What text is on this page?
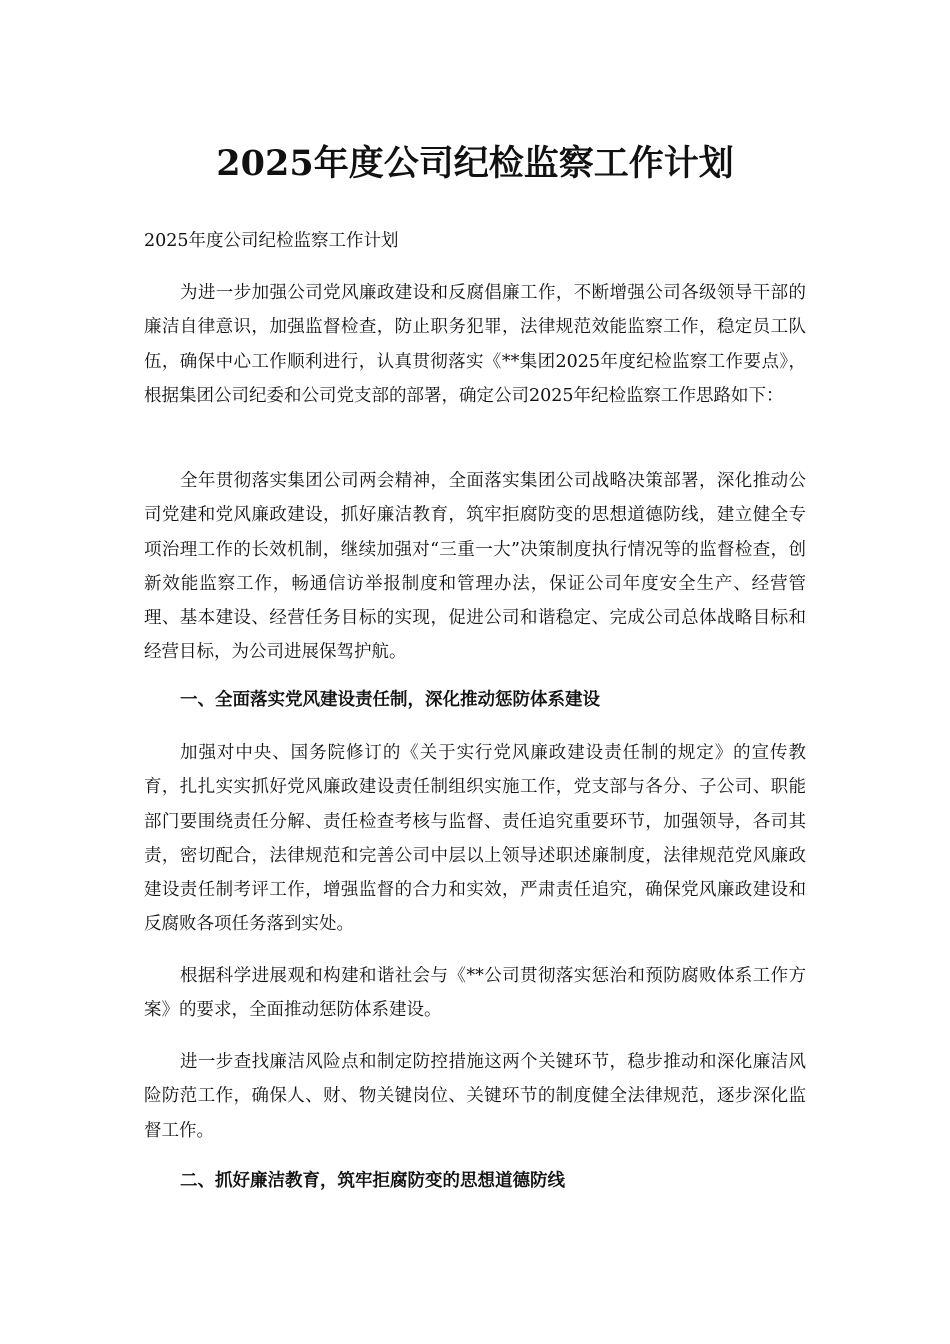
2025年度公司纪检监察工作计划

2025年度公司纪检监察工作计划

为进一步加强公司党风廉政建设和反腐倡廉工作，不断增强公司各级领导干部的廉洁自律意识，加强监督检查，防止职务犯罪，法律规范效能监察工作，稳定员工队伍，确保中心工作顺利进行，认真贯彻落实《**集团2025年度纪检监察工作要点》，根据集团公司纪委和公司党支部的部署，确定公司2025年纪检监察工作思路如下：

全年贯彻落实集团公司两会精神，全面落实集团公司战略决策部署，深化推动公司党建和党风廉政建设，抓好廉洁教育，筑牢拒腐防变的思想道德防线，建立健全专项治理工作的长效机制，继续加强对“三重一大”决策制度执行情况等的监督检查，创新效能监察工作，畅通信访举报制度和管理办法，保证公司年度安全生产、经营管理、基本建设、经营任务目标的实现，促进公司和谐稳定、完成公司总体战略目标和经营目标，为公司进展保驾护航。

一、全面落实党风建设责任制，深化推动惩防体系建设

加强对中央、国务院修订的《关于实行党风廉政建设责任制的规定》的宣传教育，扎扎实实抓好党风廉政建设责任制组织实施工作，党支部与各分、子公司、职能部门要围绕责任分解、责任检查考核与监督、责任追究重要环节，加强领导，各司其责，密切配合，法律规范和完善公司中层以上领导述职述廉制度，法律规范党风廉政建设责任制考评工作，增强监督的合力和实效，严肃责任追究，确保党风廉政建设和反腐败各项任务落到实处。

根据科学进展观和构建和谐社会与《**公司贯彻落实惩治和预防腐败体系工作方案》的要求，全面推动惩防体系建设。

进一步查找廉洁风险点和制定防控措施这两个关键环节，稳步推动和深化廉洁风险防范工作，确保人、财、物关键岗位、关键环节的制度健全法律规范，逐步深化监督工作。

二、抓好廉洁教育，筑牢拒腐防变的思想道德防线
